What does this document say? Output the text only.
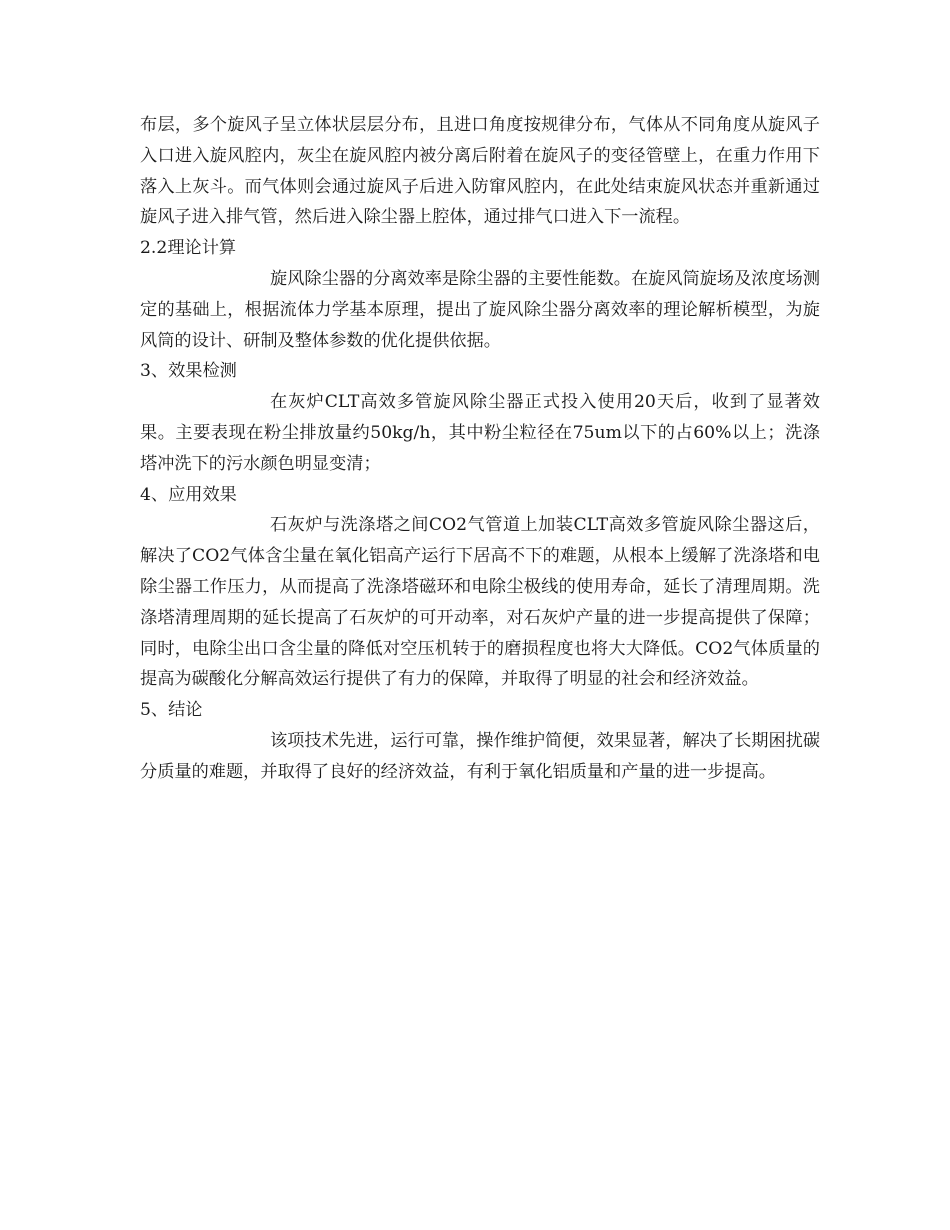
布层，多个旋风子呈立体状层层分布，且进口角度按规律分布，气体从不同角度从旋风子入口进入旋风腔内，灰尘在旋风腔内被分离后附着在旋风子的变径管壁上，在重力作用下落入上灰斗。而气体则会通过旋风子后进入防窜风腔内，在此处结束旋风状态并重新通过旋风子进入排气管，然后进入除尘器上腔体，通过排气口进入下一流程。

2.2理论计算

旋风除尘器的分离效率是除尘器的主要性能数。在旋风筒旋场及浓度场测定的基础上，根据流体力学基本原理，提出了旋风除尘器分离效率的理论解析模型，为旋风筒的设计、研制及整体参数的优化提供依据。

3、效果检测

在灰炉CLT高效多管旋风除尘器正式投入使用20天后，收到了显著效果。主要表现在粉尘排放量约50kg/h，其中粉尘粒径在75um以下的占60%以上；洗涤塔冲洗下的污水颜色明显变清；

4、应用效果

石灰炉与洗涤塔之间CO2气管道上加装CLT高效多管旋风除尘器这后，解决了CO2气体含尘量在氧化铝高产运行下居高不下的难题，从根本上缓解了洗涤塔和电除尘器工作压力，从而提高了洗涤塔磁环和电除尘极线的使用寿命，延长了清理周期。洗涤塔清理周期的延长提高了石灰炉的可开动率，对石灰炉产量的进一步提高提供了保障；同时，电除尘出口含尘量的降低对空压机转于的磨损程度也将大大降低。CO2气体质量的提高为碳酸化分解高效运行提供了有力的保障，并取得了明显的社会和经济效益。

5、结论

该项技术先进，运行可靠，操作维护简便，效果显著，解决了长期困扰碳分质量的难题，并取得了良好的经济效益，有利于氧化铝质量和产量的进一步提高。
